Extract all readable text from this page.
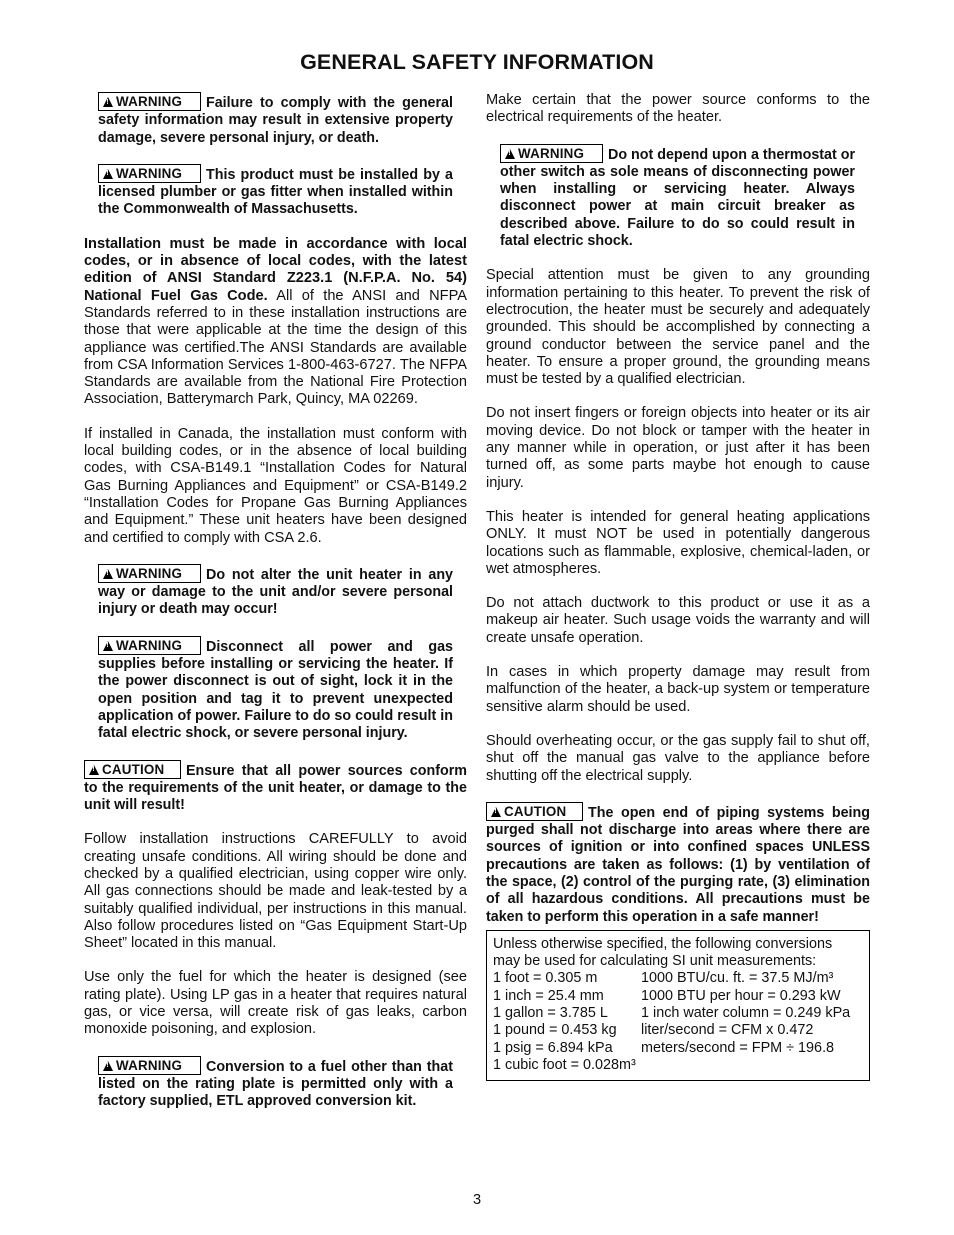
GENERAL SAFETY INFORMATION
!WARNING Failure to comply with the general safety information may result in extensive property damage, severe personal injury, or death.
!WARNING This product must be installed by a licensed plumber or gas fitter when installed within the Commonwealth of Massachusetts.

Installation must be made in accordance with local codes, or in absence of local codes, with the latest edition of ANSI Standard Z223.1 (N.F.P.A. No. 54) National Fuel Gas Code. All of the ANSI and NFPA Standards referred to in these installation instructions are those that were applicable at the time the design of this appliance was certified.The ANSI Standards are available from CSA Information Services 1-800-463-6727. The NFPA Standards are available from the National Fire Protection Association, Batterymarch Park, Quincy, MA 02269.

If installed in Canada, the installation must conform with local building codes, or in the absence of local building codes, with CSA-B149.1 “Installation Codes for Natural Gas Burning Appliances and Equipment” or CSA-B149.2 “Installation Codes for Propane Gas Burning Appliances and Equipment.” These unit heaters have been designed and certified to comply with CSA 2.6.

!WARNING Do not alter the unit heater in any way or damage to the unit and/or severe personal injury or death may occur!
!WARNING Disconnect all power and gas supplies before installing or servicing the heater. If the power disconnect is out of sight, lock it in the open position and tag it to prevent unexpected application of power. Failure to do so could result in fatal electric shock, or severe personal injury.
!CAUTION Ensure that all power sources conform to the requirements of the unit heater, or damage to the unit will result!

Follow installation instructions CAREFULLY to avoid creating unsafe conditions. All wiring should be done and checked by a qualified electrician, using copper wire only. All gas connections should be made and leak-tested by a suitably qualified individual, per instructions in this manual. Also follow procedures listed on “Gas Equipment Start-Up Sheet” located in this manual.

Use only the fuel for which the heater is designed (see rating plate). Using LP gas in a heater that requires natural gas, or vice versa, will create risk of gas leaks, carbon monoxide poisoning, and explosion.

!WARNING Conversion to a fuel other than that listed on the rating plate is permitted only with a factory supplied, ETL approved conversion kit.

Make certain that the power source conforms to the electrical requirements of the heater.

!WARNING Do not depend upon a thermostat or other switch as sole means of disconnecting power when installing or servicing heater. Always disconnect power at main circuit breaker as described above. Failure to do so could result in fatal electric shock.

Special attention must be given to any grounding information pertaining to this heater. To prevent the risk of electrocution, the heater must be securely and adequately grounded. This should be accomplished by connecting a ground conductor between the service panel and the heater. To ensure a proper ground, the grounding means must be tested by a qualified electrician.

Do not insert fingers or foreign objects into heater or its air moving device. Do not block or tamper with the heater in any manner while in operation, or just after it has been turned off, as some parts maybe hot enough to cause injury.

This heater is intended for general heating applications ONLY. It must NOT be used in potentially dangerous locations such as flammable, explosive, chemical-laden, or wet atmospheres.

Do not attach ductwork to this product or use it as a makeup air heater. Such usage voids the warranty and will create unsafe operation.

In cases in which property damage may result from malfunction of the heater, a back-up system or temperature sensitive alarm should be used.

Should overheating occur, or the gas supply fail to shut off, shut off the manual gas valve to the appliance before shutting off the electrical supply.

!CAUTION The open end of piping systems being purged shall not discharge into areas where there are sources of ignition or into confined spaces UNLESS precautions are taken as follows: (1) by ventilation of the space, (2) control of the purging rate, (3) elimination of all hazardous conditions. All precautions must be taken to perform this operation in a safe manner!
Unless otherwise specified, the following conversions may be used for calculating SI unit measurements:
1 foot = 0.305 m	1000 BTU/cu. ft. = 37.5 MJ/m³
1 inch = 25.4 mm	1000 BTU per hour = 0.293 kW
1 gallon = 3.785 L	1 inch water column = 0.249 kPa
1 pound = 0.453 kg	liter/second = CFM x 0.472
1 psig = 6.894 kPa	meters/second = FPM ÷ 196.8
1 cubic foot = 0.028m³
3
